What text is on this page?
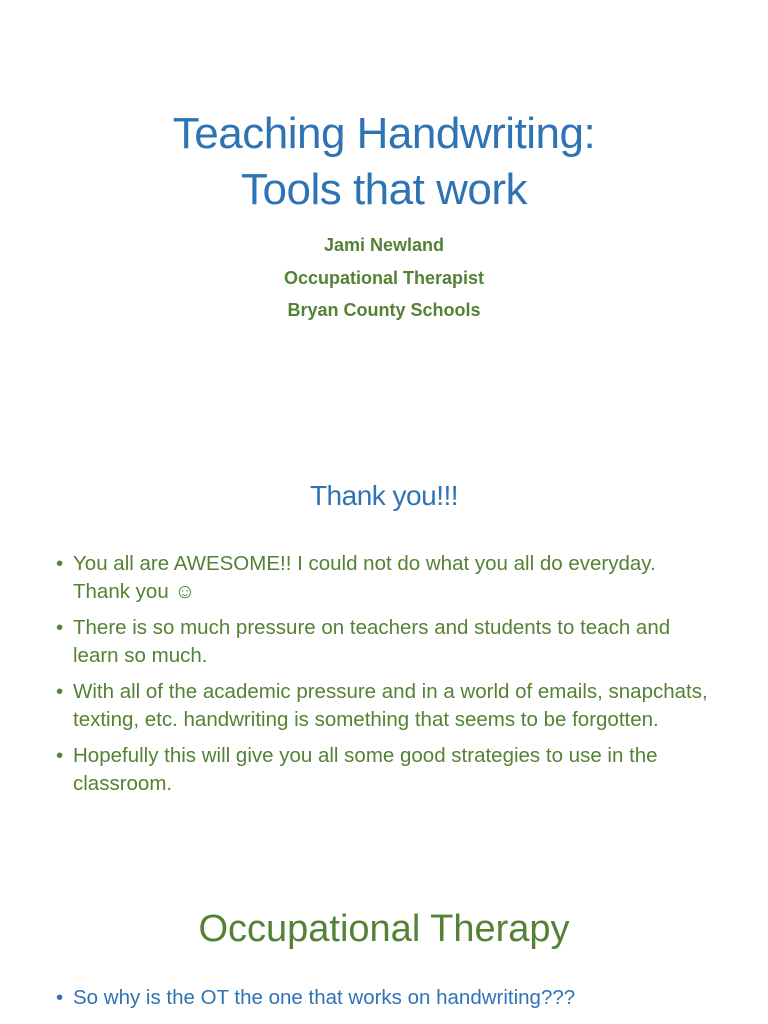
Teaching Handwriting:
Tools that work
Jami Newland
Occupational Therapist
Bryan County Schools
Thank you!!!
• You all are AWESOME!! I could not do what you all do everyday. Thank you ☺
• There is so much pressure on teachers and students to teach and learn so much.
• With all of the academic pressure and in a world of emails, snapchats, texting, etc. handwriting is something that seems to be forgotten.
• Hopefully this will give you all some good strategies to use in the classroom.
Occupational Therapy
• So why is the OT the one that works on handwriting???
